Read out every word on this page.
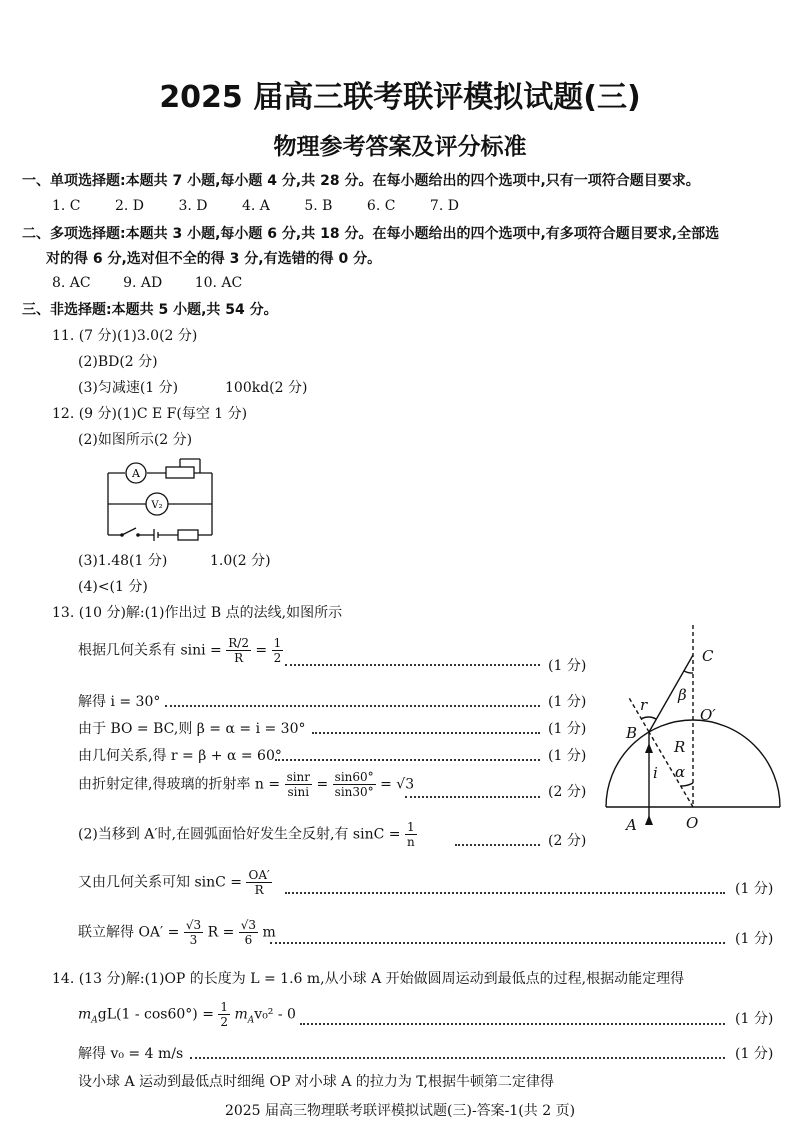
2025 届高三联考联评模拟试题(三)
物理参考答案及评分标准
一、单项选择题:本题共 7 小题,每小题 4 分,共 28 分。在每小题给出的四个选项中,只有一项符合题目要求。
1. C 2. D 3. D 4. A 5. B 6. C 7. D
二、多项选择题:本题共 3 小题,每小题 6 分,共 18 分。在每小题给出的四个选项中,有多项符合题目要求,全部选
对的得 6 分,选对但不全的得 3 分,有选错的得 0 分。
8. AC 9. AD 10. AC
三、非选择题:本题共 5 小题,共 54 分。
11. (7 分)(1)3.0(2 分)
(2)BD(2 分)
(3)匀减速(1 分)	100kd(2 分)
12. (9 分)(1)C E F(每空 1 分)
(2)如图所示(2 分)
A
V₂
(3)1.48(1 分)	1.0(2 分)
(4)<(1 分)
13. (10 分)解:(1)作出过 B 点的法线,如图所示
根据几何关系有 $\sin i = \frac{R/2}{R} = \frac{1}{2}$
(1 分)
解得 i = 30°	(1 分)
由于 BO = BC,则 β = α = i = 30°	(1 分)
由几何关系,得 r = β + α = 60°	(1 分)
由折射定律,得玻璃的折射率 $n = \frac{\sin r}{\sin i} = \frac{\sin 60^\circ}{\sin 30^\circ} = √3$	(2 分)
(2)当移到 A′时,在圆弧面恰好发生全反射,有 $\sin C = \frac{1}{n}$	(2 分)
又由几何关系可知 $\sin C = \frac{OA'}{R}$	(1 分)
联立解得 $OA' = \frac{√3}{3}$ $R = \frac{√3}{6}$ m	(1 分)
C
O′
B
R
r
β
α
i
A	O
14. (13 分)解:(1)OP 的长度为 L = 1.6 m,从小球 A 开始做圆周运动到最低点的过程,根据动能定理得
$m_AgL(1 - \cos 60^\circ) = \frac{1}{2} m_Av_0^2 - 0$	(1 分)
解得 v₀ = 4 m/s	(1 分)
设小球 A 运动到最低点时细绳 OP 对小球 A 的拉力为 T,根据牛顿第二定律得
2025 届高三物理联考联评模拟试题(三)-答案-1(共 2 页)
